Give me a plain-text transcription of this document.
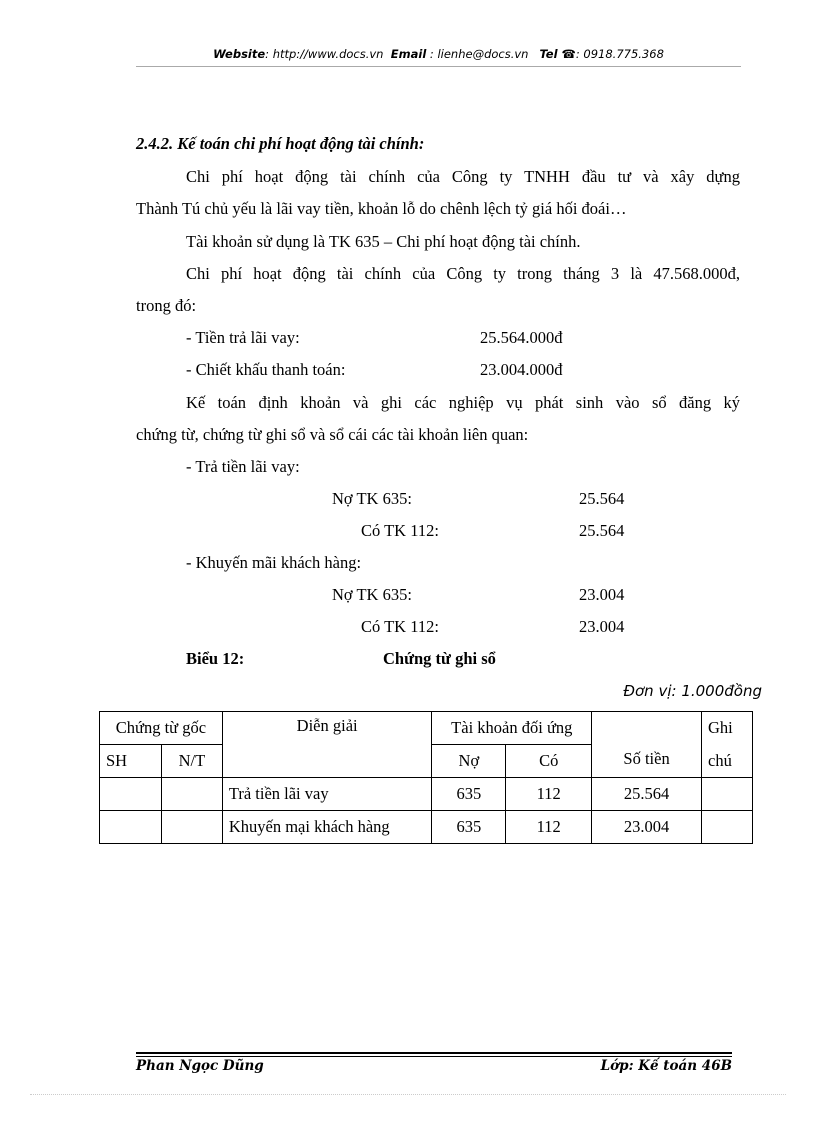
Website: http://www.docs.vn Email : lienhe@docs.vn Tel ☎: 0918.775.368
2.4.2. Kế toán chi phí hoạt động tài chính:
Chi phí hoạt động tài chính của Công ty TNHH đầu tư và xây dựng
Thành Tú chủ yếu là lãi vay tiền, khoản lỗ do chênh lệch tỷ giá hối đoái…
Tài khoản sử dụng là TK 635 – Chi phí hoạt động tài chính.
Chi phí hoạt động tài chính của Công ty trong tháng 3 là 47.568.000đ,
trong đó:
- Tiền trả lãi vay:	25.564.000đ
- Chiết khấu thanh toán:	23.004.000đ
Kế toán định khoản và ghi các nghiệp vụ phát sinh vào sổ đăng ký
chứng từ, chứng từ ghi sổ và sổ cái các tài khoản liên quan:
- Trả tiền lãi vay:
Nợ TK 635:	25.564
Có TK 112:	25.564
- Khuyến mãi khách hàng:
Nợ TK 635:	23.004
Có TK 112:	23.004
Biểu 12:	Chứng từ ghi sổ
Đơn vị: 1.000đồng
Chứng từ gốc		Diễn giải	Tài khoản đối ứng		Số tiền	Ghi
SH	N/T		Nợ	Có		chú
		Trả tiền lãi vay	635	112	25.564	
		Khuyến mại khách hàng	635	112	23.004	
Phan Ngọc Dũng	Lớp: Kế toán 46B
